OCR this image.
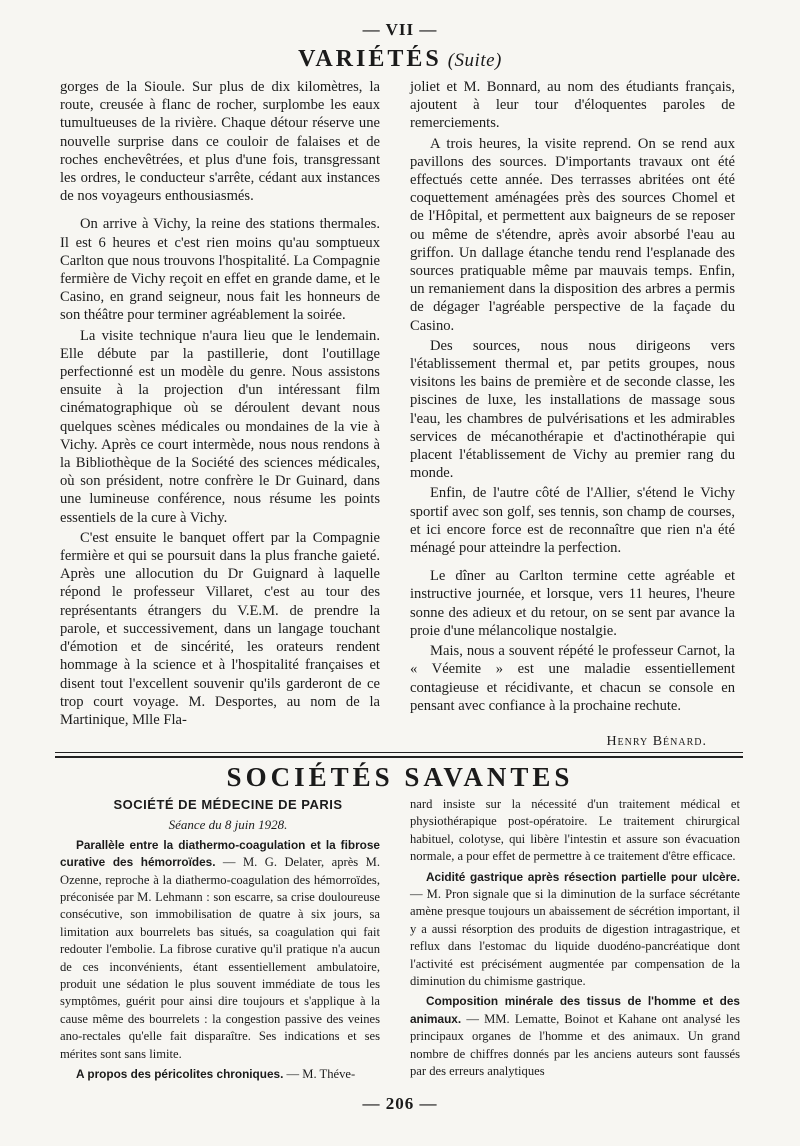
— VII —
VARIÉTÉS (Suite)

gorges de la Sioule. Sur plus de dix kilomètres, la route, creusée à flanc de rocher, surplombe les eaux tumultueuses de la rivière. Chaque détour réserve une nouvelle surprise dans ce couloir de falaises et de roches enchevêtrées, et plus d'une fois, transgressant les ordres, le conducteur s'arrête, cédant aux instances de nos voyageurs enthousiasmés.

On arrive à Vichy, la reine des stations thermales. Il est 6 heures et c'est rien moins qu'au somptueux Carlton que nous trouvons l'hospitalité. La Compagnie fermière de Vichy reçoit en effet en grande dame, et le Casino, en grand seigneur, nous fait les honneurs de son théâtre pour terminer agréablement la soirée.

La visite technique n'aura lieu que le lendemain. Elle débute par la pastillerie, dont l'outillage perfectionné est un modèle du genre. Nous assistons ensuite à la projection d'un intéressant film cinématographique où se déroulent devant nous quelques scènes médicales ou mondaines de la vie à Vichy. Après ce court intermède, nous nous rendons à la Bibliothèque de la Société des sciences médicales, où son président, notre confrère le Dr Guinard, dans une lumineuse conférence, nous résume les points essentiels de la cure à Vichy.

C'est ensuite le banquet offert par la Compagnie fermière et qui se poursuit dans la plus franche gaieté. Après une allocution du Dr Guignard à laquelle répond le professeur Villaret, c'est au tour des représentants étrangers du V.E.M. de prendre la parole, et successivement, dans un langage touchant d'émotion et de sincérité, les orateurs rendent hommage à la science et à l'hospitalité françaises et disent tout l'excellent souvenir qu'ils garderont de ce trop court voyage. M. Desportes, au nom de la Martinique, Mlle Fla-

joliet et M. Bonnard, au nom des étudiants français, ajoutent à leur tour d'éloquentes paroles de remerciements.

A trois heures, la visite reprend. On se rend aux pavillons des sources. D'importants travaux ont été effectués cette année. Des terrasses abritées ont été coquettement aménagées près des sources Chomel et de l'Hôpital, et permettent aux baigneurs de se reposer ou même de s'étendre, après avoir absorbé l'eau au griffon. Un dallage étanche tendu rend l'esplanade des sources pratiquable même par mauvais temps. Enfin, un remaniement dans la disposition des arbres a permis de dégager l'agréable perspective de la façade du Casino.

Des sources, nous nous dirigeons vers l'établissement thermal et, par petits groupes, nous visitons les bains de première et de seconde classe, les piscines de luxe, les installations de massage sous l'eau, les chambres de pulvérisations et les admirables services de mécanothérapie et d'actinothérapie qui placent l'établissement de Vichy au premier rang du monde.

Enfin, de l'autre côté de l'Allier, s'étend le Vichy sportif avec son golf, ses tennis, son champ de courses, et ici encore force est de reconnaître que rien n'a été ménagé pour atteindre la perfection.

Le dîner au Carlton termine cette agréable et instructive journée, et lorsque, vers 11 heures, l'heure sonne des adieux et du retour, on se sent par avance la proie d'une mélancolique nostalgie.

Mais, nous a souvent répété le professeur Carnot, la « Véemite » est une maladie essentiellement contagieuse et récidivante, et chacun se console en pensant avec confiance à la prochaine rechute.

Henry Bénard.
SOCIÉTÉS SAVANTES

SOCIÉTÉ DE MÉDECINE DE PARIS

Séance du 8 juin 1928.

Parallèle entre la diathermo-coagulation et la fibrose curative des hémorroïdes. — M. G. Delater, après M. Ozenne, reproche à la diathermo-coagulation des hémorroïdes, préconisée par M. Lehmann : son escarre, sa crise douloureuse consécutive, son immobilisation de quatre à six jours, sa limitation aux bourrelets bas situés, sa coagulation qui fait redouter l'embolie. La fibrose curative qu'il pratique n'a aucun de ces inconvénients, étant essentiellement ambulatoire, produit une sédation le plus souvent immédiate de tous les symptômes, guérit pour ainsi dire toujours et s'applique à la cause même des bourrelets : la congestion passive des veines ano-rectales qu'elle fait disparaître. Ses indications et ses mérites sont sans limite.

A propos des péricolites chroniques. — M. Théve-

nard insiste sur la nécessité d'un traitement médical et physiothérapique post-opératoire. Le traitement chirurgical habituel, colotyse, qui libère l'intestin et assure son évacuation normale, a pour effet de permettre à ce traitement d'être efficace.

Acidité gastrique après résection partielle pour ulcère. — M. Pron signale que si la diminution de la surface sécrétante amène presque toujours un abaissement de sécrétion important, il y a aussi résorption des produits de digestion intragastrique, et reflux dans l'estomac du liquide duodéno-pancréatique dont l'activité est précisément augmentée par compensation de la diminution du chimisme gastrique.

Composition minérale des tissus de l'homme et des animaux. — MM. Lematte, Boinot et Kahane ont analysé les principaux organes de l'homme et des animaux. Un grand nombre de chiffres donnés par les anciens auteurs sont faussés par des erreurs analytiques

— 206 —
